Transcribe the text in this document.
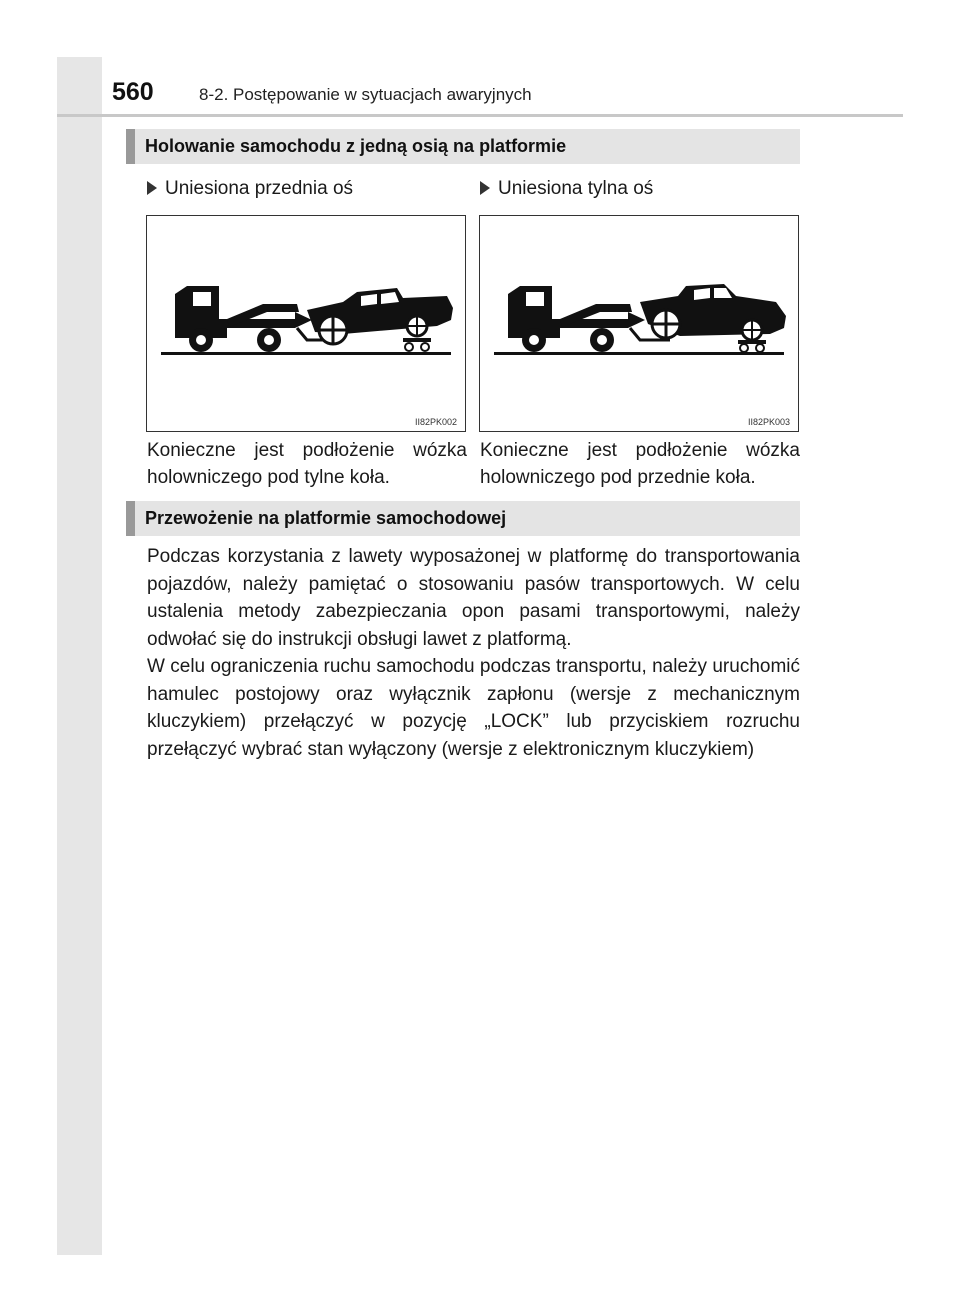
560	8-2. Postępowanie w sytuacjach awaryjnych
Holowanie samochodu z jedną osią na platformie
Uniesiona przednia oś	Uniesiona tylna oś
II82PK002	II82PK003
Konieczne jest podłożenie wózka holowniczego pod tylne koła.
Konieczne jest podłożenie wózka holowniczego pod przednie koła.
Przewożenie na platformie samochodowej

Podczas korzystania z lawety wyposażonej w platformę do transportowania pojazdów, należy pamiętać o stosowaniu pasów transportowych. W celu ustalenia metody zabezpieczania opon pasami transportowymi, należy odwołać się do instrukcji obsługi lawet z platformą.

W celu ograniczenia ruchu samochodu podczas transportu, należy uruchomić hamulec postojowy oraz wyłącznik zapłonu (wersje z mechanicznym kluczykiem) przełączyć w pozycję „LOCK” lub przyciskiem rozruchu przełączyć wybrać stan wyłączony (wersje z elektronicznym kluczykiem)
